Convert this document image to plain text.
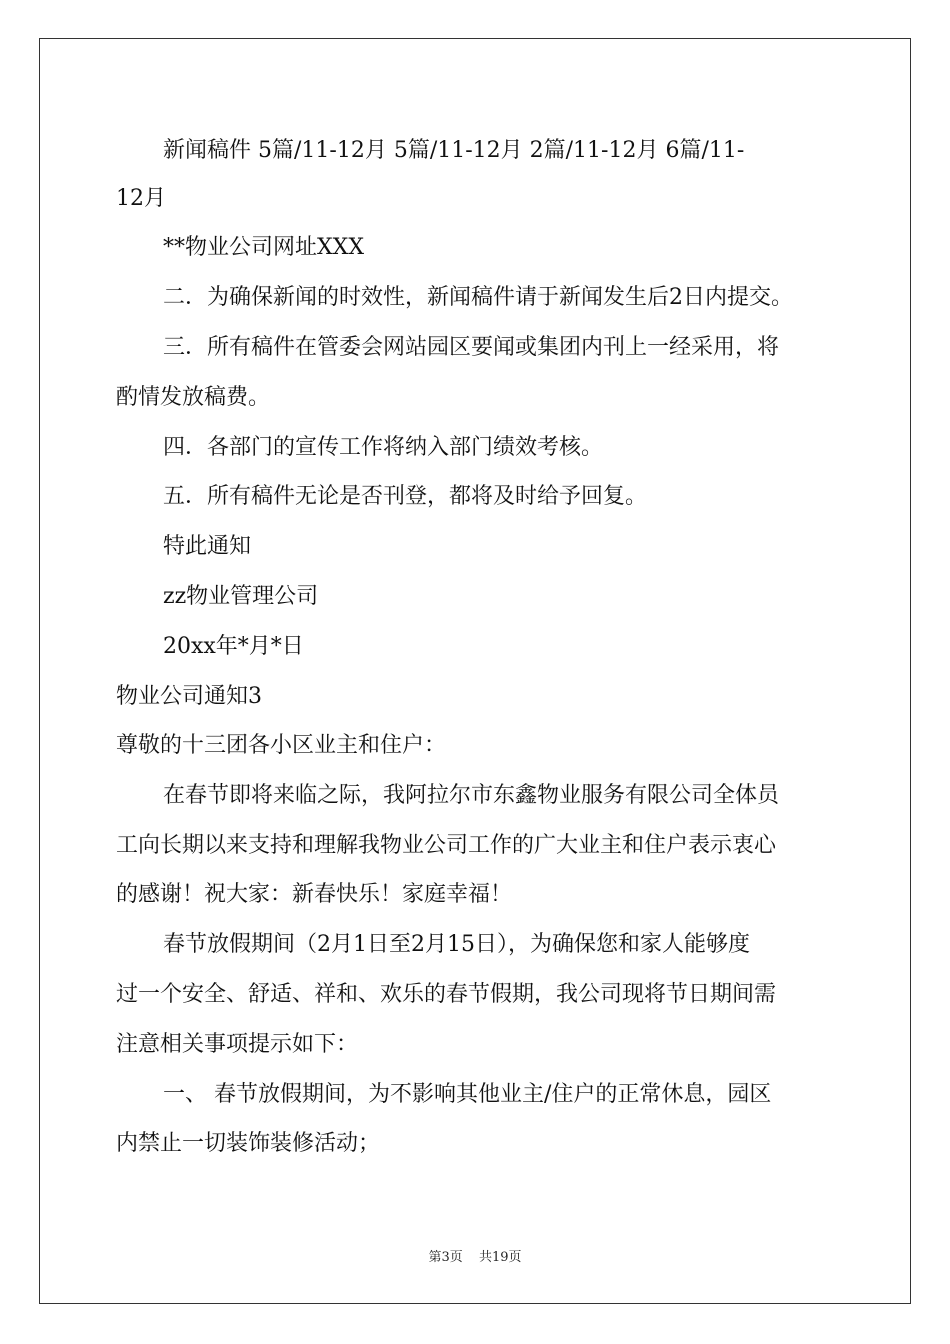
新闻稿件 5篇/11-12月 5篇/11-12月 2篇/11-12月 6篇/11-
12月
**物业公司网址XXX
二．为确保新闻的时效性，新闻稿件请于新闻发生后2日内提交。
三．所有稿件在管委会网站园区要闻或集团内刊上一经采用，将
酌情发放稿费。
四．各部门的宣传工作将纳入部门绩效考核。
五．所有稿件无论是否刊登，都将及时给予回复。
特此通知
zz物业管理公司
20xx年*月*日
物业公司通知3
尊敬的十三团各小区业主和住户：
在春节即将来临之际，我阿拉尔市东鑫物业服务有限公司全体员
工向长期以来支持和理解我物业公司工作的广大业主和住户表示衷心
的感谢！祝大家：新春快乐！家庭幸福！
春节放假期间（2月1日至2月15日），为确保您和家人能够度
过一个安全、舒适、祥和、欢乐的春节假期，我公司现将节日期间需
注意相关事项提示如下：
一、 春节放假期间，为不影响其他业主/住户的正常休息，园区
内禁止一切装饰装修活动；
第3页 共19页
